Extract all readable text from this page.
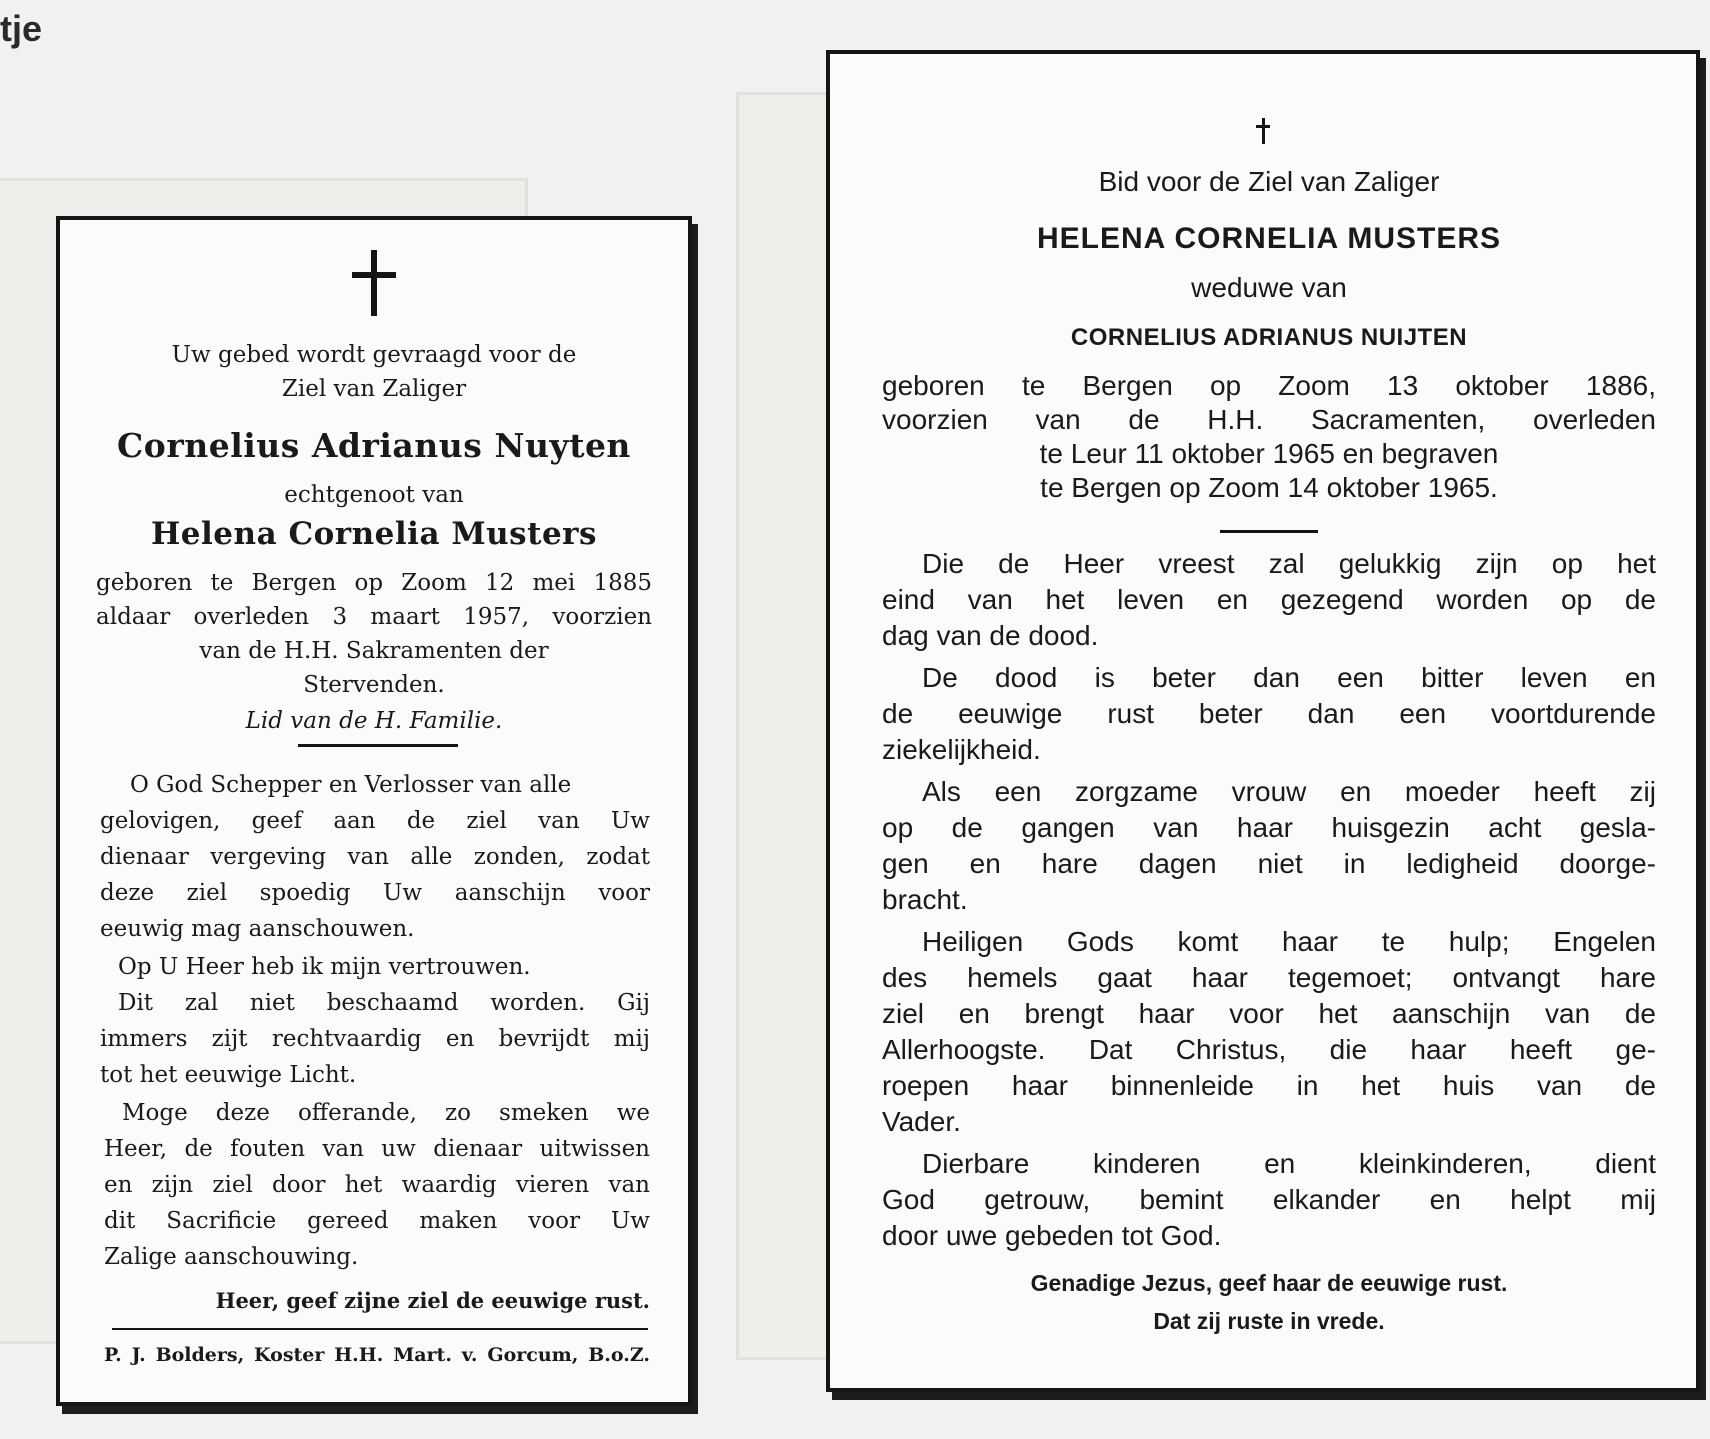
tje
Uw gebed wordt gevraagd voor de
Ziel van Zaliger
Cornelius Adrianus Nuyten
echtgenoot van
Helena Cornelia Musters
geboren te Bergen op Zoom 12 mei 1885
aldaar overleden 3 maart 1957, voorzien
van de H.H. Sakramenten der
Stervenden.
Lid van de H. Familie.
O God Schepper en Verlosser van alle
gelovigen, geef aan de ziel van Uw
dienaar vergeving van alle zonden, zodat
deze ziel spoedig Uw aanschijn voor
eeuwig mag aanschouwen.
Op U Heer heb ik mijn vertrouwen.
Dit zal niet beschaamd worden. Gij
immers zijt rechtvaardig en bevrijdt mij
tot het eeuwige Licht.
Moge deze offerande, zo smeken we
Heer, de fouten van uw dienaar uitwissen
en zijn ziel door het waardig vieren van
dit Sacrificie gereed maken voor Uw
Zalige aanschouwing.
Heer, geef zijne ziel de eeuwige rust.
P. J. Bolders, Koster H.H. Mart. v. Gorcum, B.o.Z.
Bid voor de Ziel van Zaliger
HELENA CORNELIA MUSTERS
weduwe van
CORNELIUS ADRIANUS NUIJTEN
geboren te Bergen op Zoom 13 oktober 1886,
voorzien van de H.H. Sacramenten, overleden
te Leur 11 oktober 1965 en begraven
te Bergen op Zoom 14 oktober 1965.
Die de Heer vreest zal gelukkig zijn op het
eind van het leven en gezegend worden op de
dag van de dood.
De dood is beter dan een bitter leven en
de eeuwige rust beter dan een voortdurende
ziekelijkheid.
Als een zorgzame vrouw en moeder heeft zij
op de gangen van haar huisgezin acht gesla-
gen en hare dagen niet in ledigheid doorge-
bracht.
Heiligen Gods komt haar te hulp; Engelen
des hemels gaat haar tegemoet; ontvangt hare
ziel en brengt haar voor het aanschijn van de
Allerhoogste. Dat Christus, die haar heeft ge-
roepen haar binnenleide in het huis van de
Vader.
Dierbare kinderen en kleinkinderen, dient
God getrouw, bemint elkander en helpt mij
door uwe gebeden tot God.
Genadige Jezus, geef haar de eeuwige rust.
Dat zij ruste in vrede.
